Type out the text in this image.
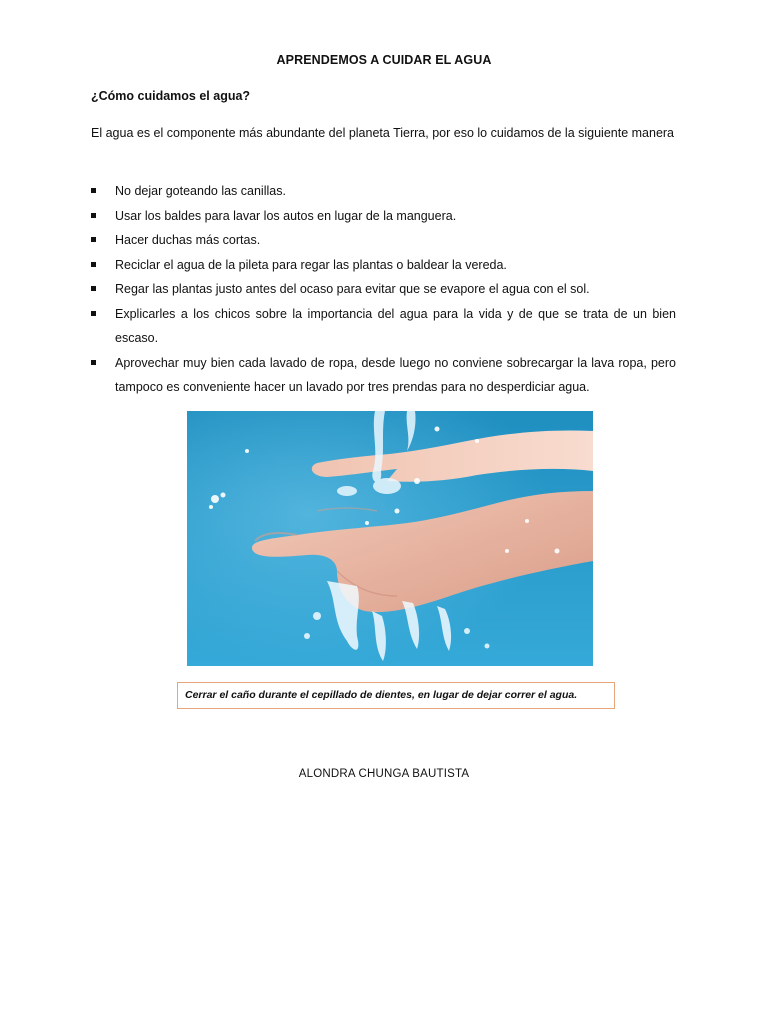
APRENDEMOS A CUIDAR EL AGUA
¿Cómo cuidamos el agua?
El agua es el componente más abundante del planeta Tierra, por eso lo cuidamos de la siguiente manera
No dejar goteando las canillas.
Usar los baldes para lavar los autos en lugar de la manguera.
Hacer duchas más cortas.
Reciclar el agua de la pileta para regar las plantas o baldear la vereda.
Regar las plantas justo antes del ocaso para evitar que se evapore el agua con el sol.
Explicarles a los chicos sobre la importancia del agua para la vida y de que se trata de un bien escaso.
Aprovechar muy bien cada lavado de ropa, desde luego no conviene sobrecargar la lava ropa, pero tampoco es conveniente hacer un lavado por tres prendas para no desperdiciar agua.
Cerrar el caño durante el cepillado de dientes, en lugar de dejar correr el agua.
ALONDRA CHUNGA BAUTISTA
